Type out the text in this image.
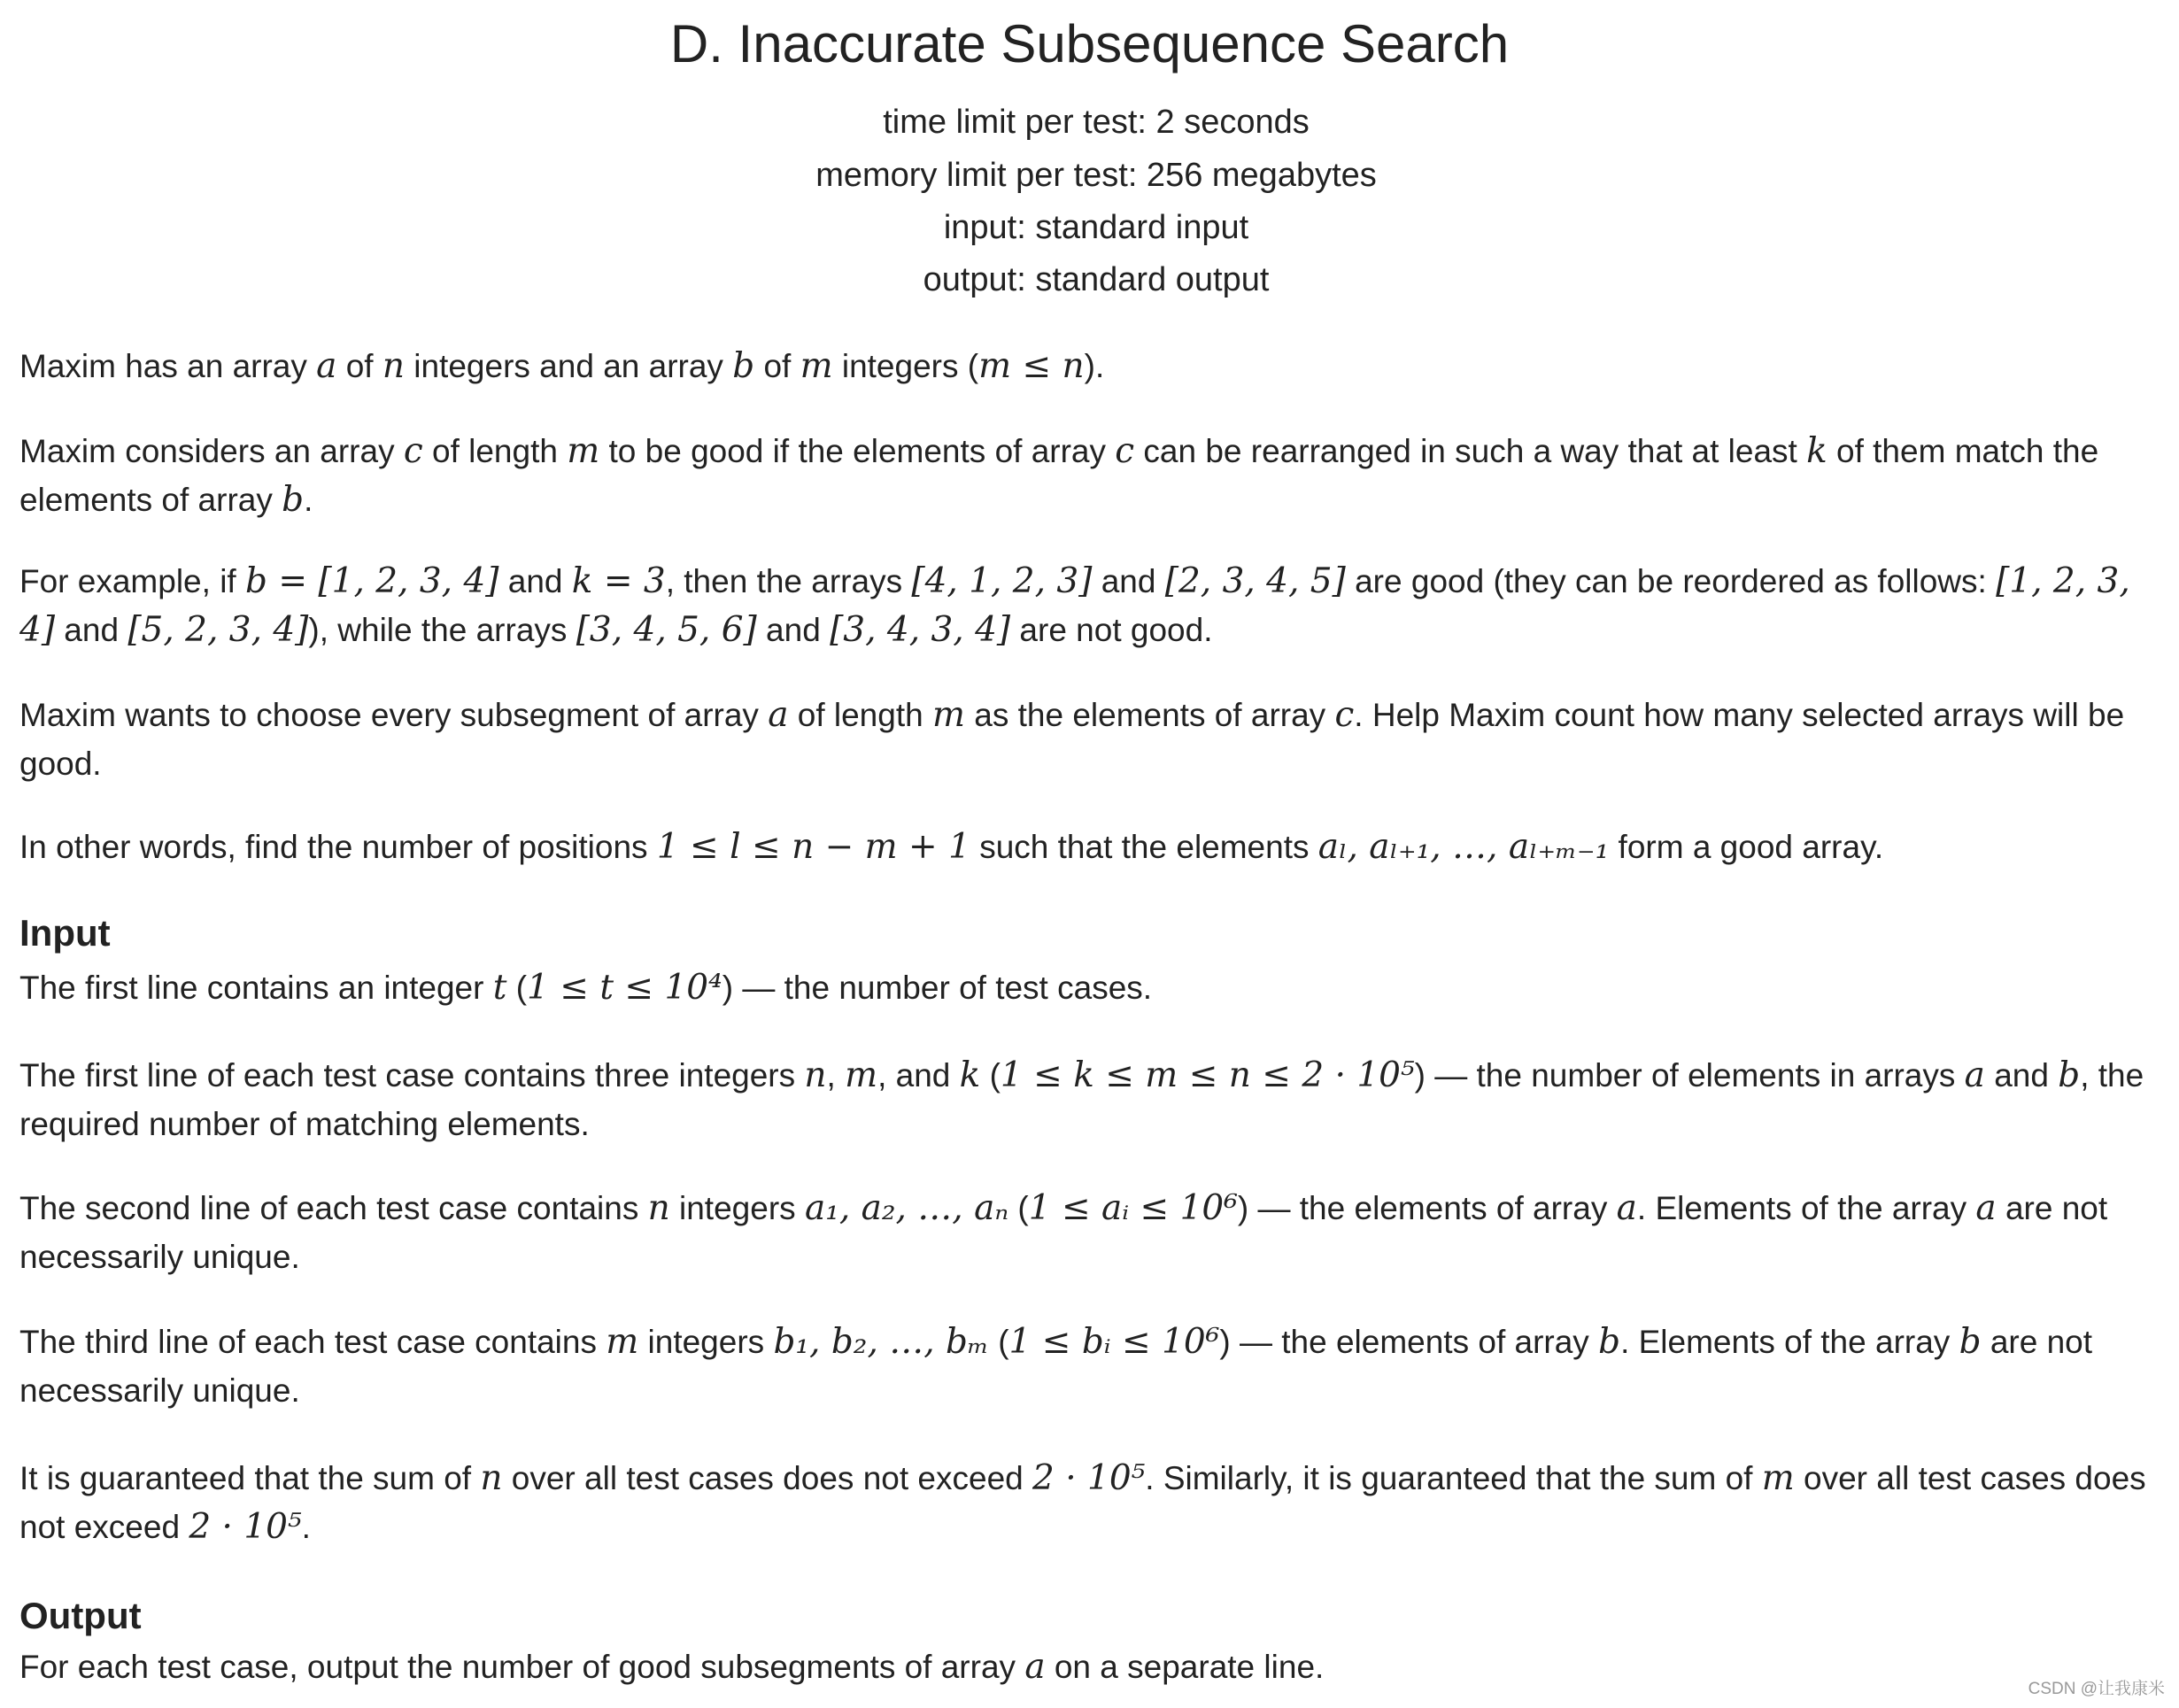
D. Inaccurate Subsequence Search
time limit per test: 2 seconds
memory limit per test: 256 megabytes
input: standard input
output: standard output
Maxim has an array a of n integers and an array b of m integers (m ≤ n).
Maxim considers an array c of length m to be good if the elements of array c can be rearranged in such a way that at least k of them match the elements of array b.
For example, if b = [1, 2, 3, 4] and k = 3, then the arrays [4, 1, 2, 3] and [2, 3, 4, 5] are good (they can be reordered as follows: [1, 2, 3, 4] and [5, 2, 3, 4]), while the arrays [3, 4, 5, 6] and [3, 4, 3, 4] are not good.
Maxim wants to choose every subsegment of array a of length m as the elements of array c. Help Maxim count how many selected arrays will be good.
In other words, find the number of positions 1 ≤ l ≤ n − m + 1 such that the elements aₗ, aₗ₊₁, …, aₗ₊ₘ₋₁ form a good array.
Input
The first line contains an integer t (1 ≤ t ≤ 10⁴) — the number of test cases.
The first line of each test case contains three integers n, m, and k (1 ≤ k ≤ m ≤ n ≤ 2 · 10⁵) — the number of elements in arrays a and b, the required number of matching elements.
The second line of each test case contains n integers a₁, a₂, …, aₙ (1 ≤ aᵢ ≤ 10⁶) — the elements of array a. Elements of the array a are not necessarily unique.
The third line of each test case contains m integers b₁, b₂, …, bₘ (1 ≤ bᵢ ≤ 10⁶) — the elements of array b. Elements of the array b are not necessarily unique.
It is guaranteed that the sum of n over all test cases does not exceed 2 · 10⁵. Similarly, it is guaranteed that the sum of m over all test cases does not exceed 2 · 10⁵.
Output
For each test case, output the number of good subsegments of array a on a separate line.
CSDN @让我康米
